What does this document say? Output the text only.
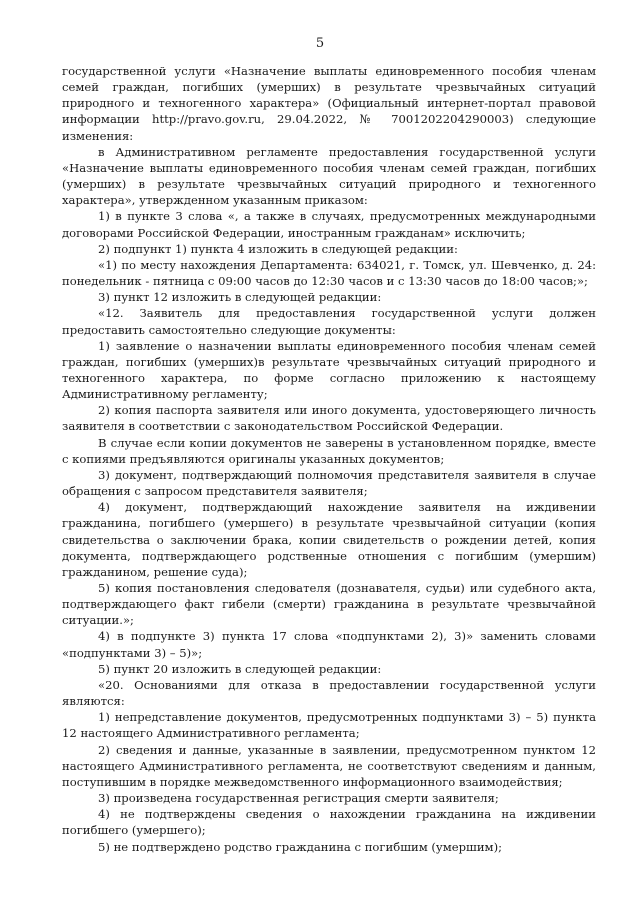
5

государственной услуги «Назначение выплаты единовременного пособия членам семей граждан, погибших (умерших) в результате чрезвычайных ситуаций природного и техногенного характера» (Официальный интернет-портал правовой информации http://pravo.gov.ru, 29.04.2022, № 7001202204290003) следующие изменения:

в Административном регламенте предоставления государственной услуги «Назначение выплаты единовременного пособия членам семей граждан, погибших (умерших) в результате чрезвычайных ситуаций природного и техногенного характера», утвержденном указанным приказом:

1) в пункте 3 слова «, а также в случаях, предусмотренных международными договорами Российской Федерации, иностранным гражданам» исключить;

2) подпункт 1) пункта 4 изложить в следующей редакции:

«1) по месту нахождения Департамента: 634021, г. Томск, ул. Шевченко, д. 24: понедельник - пятница с 09:00 часов до 12:30 часов и с 13:30 часов до 18:00 часов;»;

3) пункт 12 изложить в следующей редакции:

«12. Заявитель для предоставления государственной услуги должен предоставить самостоятельно следующие документы:

1) заявление о назначении выплаты единовременного пособия членам семей граждан, погибших (умерших)в результате чрезвычайных ситуаций природного и техногенного характера, по форме согласно приложению к настоящему Административному регламенту;

2) копия паспорта заявителя или иного документа, удостоверяющего личность заявителя в соответствии с законодательством Российской Федерации.

В случае если копии документов не заверены в установленном порядке, вместе с копиями предъявляются оригиналы указанных документов;

3) документ, подтверждающий полномочия представителя заявителя в случае обращения с запросом представителя заявителя;

4) документ, подтверждающий нахождение заявителя на иждивении гражданина, погибшего (умершего) в результате чрезвычайной ситуации (копия свидетельства о заключении брака, копии свидетельств о рождении детей, копия документа, подтверждающего родственные отношения с погибшим (умершим) гражданином, решение суда);

5) копия постановления следователя (дознавателя, судьи) или судебного акта, подтверждающего факт гибели (смерти) гражданина в результате чрезвычайной ситуации.»;

4) в подпункте 3) пункта 17 слова «подпунктами 2), 3)» заменить словами «подпунктами 3) – 5)»;

5) пункт 20 изложить в следующей редакции:

«20. Основаниями для отказа в предоставлении государственной услуги являются:

1) непредставление документов, предусмотренных подпунктами 3) – 5) пункта 12 настоящего Административного регламента;

2) сведения и данные, указанные в заявлении, предусмотренном пунктом 12 настоящего Административного регламента, не соответствуют сведениям и данным, поступившим в порядке межведомственного информационного взаимодействия;

3) произведена государственная регистрация смерти заявителя;

4) не подтверждены сведения о нахождении гражданина на иждивении погибшего (умершего);

5) не подтверждено родство гражданина с погибшим (умершим);
